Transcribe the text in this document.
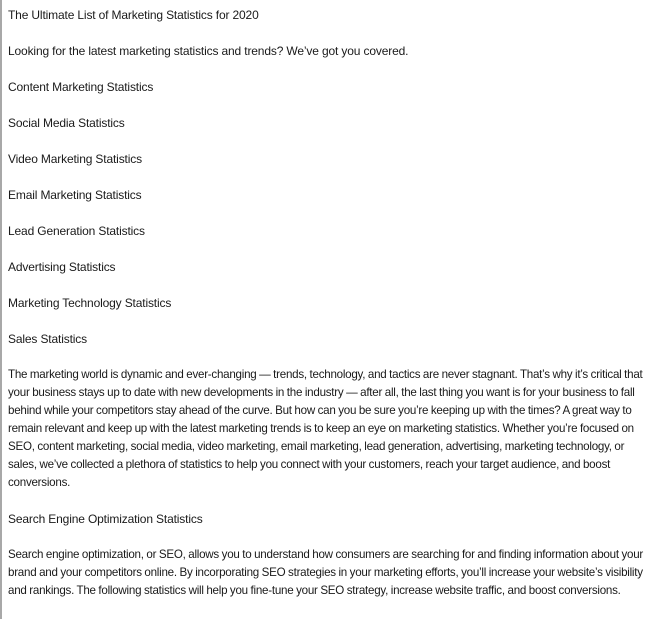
The Ultimate List of Marketing Statistics for 2020

Looking for the latest marketing statistics and trends? We’ve got you covered.

Content Marketing Statistics

Social Media Statistics

Video Marketing Statistics

Email Marketing Statistics

Lead Generation Statistics

Advertising Statistics

Marketing Technology Statistics

Sales Statistics

The marketing world is dynamic and ever-changing — trends, technology, and tactics are never stagnant. That’s why it’s critical that your business stays up to date with new developments in the industry — after all, the last thing you want is for your business to fall behind while your competitors stay ahead of the curve. But how can you be sure you’re keeping up with the times? A great way to remain relevant and keep up with the latest marketing trends is to keep an eye on marketing statistics. Whether you’re focused on SEO, content marketing, social media, video marketing, email marketing, lead generation, advertising, marketing technology, or sales, we’ve collected a plethora of statistics to help you connect with your customers, reach your target audience, and boost conversions.

Search Engine Optimization Statistics

Search engine optimization, or SEO, allows you to understand how consumers are searching for and finding information about your brand and your competitors online. By incorporating SEO strategies in your marketing efforts, you’ll increase your website’s visibility and rankings. The following statistics will help you fine-tune your SEO strategy, increase website traffic, and boost conversions.
